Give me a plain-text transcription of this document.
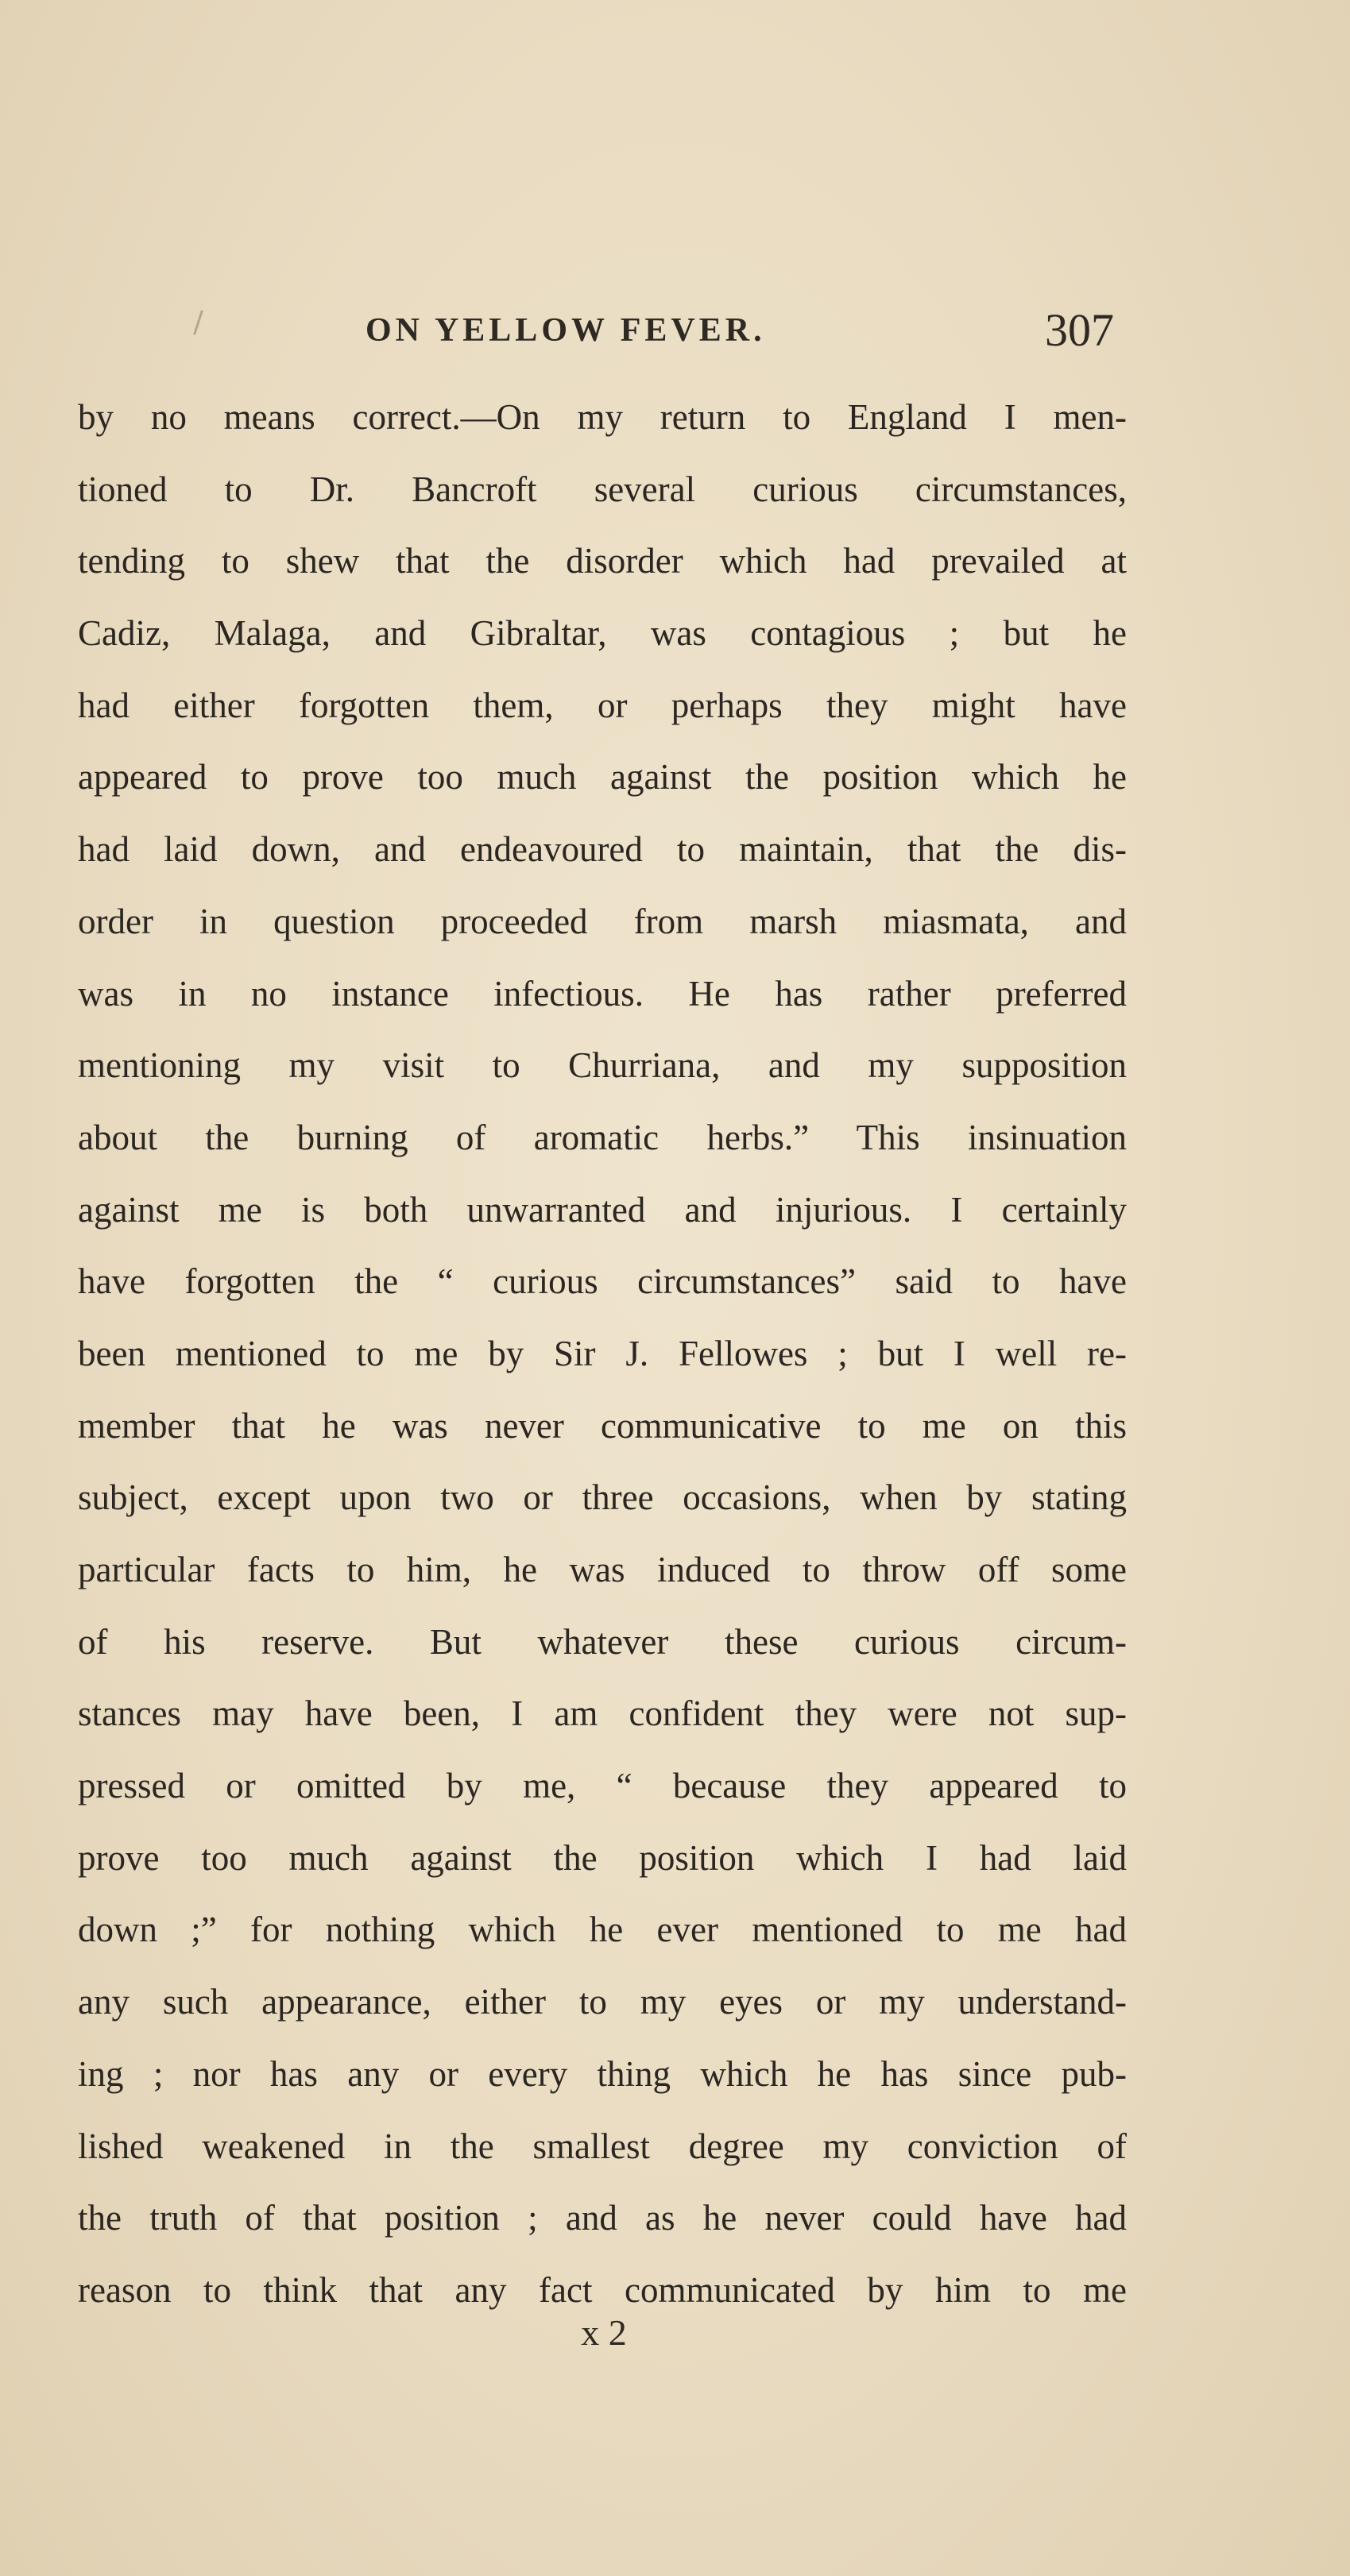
ON YELLOW FEVER.	307
by no means correct.—On my return to England I men-
tioned to Dr. Bancroft several curious circumstances,
tending to shew that the disorder which had prevailed at
Cadiz, Malaga, and Gibraltar, was contagious ; but he
had either forgotten them, or perhaps they might have
appeared to prove too much against the position which he
had laid down, and endeavoured to maintain, that the dis-
order in question proceeded from marsh miasmata, and
was in no instance infectious. He has rather preferred
mentioning my visit to Churriana, and my supposition
about the burning of aromatic herbs.” This insinuation
against me is both unwarranted and injurious. I certainly
have forgotten the “ curious circumstances” said to have
been mentioned to me by Sir J. Fellowes ; but I well re-
member that he was never communicative to me on this
subject, except upon two or three occasions, when by stating
particular facts to him, he was induced to throw off some
of his reserve. But whatever these curious circum-
stances may have been, I am confident they were not sup-
pressed or omitted by me, “ because they appeared to
prove too much against the position which I had laid
down ;” for nothing which he ever mentioned to me had
any such appearance, either to my eyes or my understand-
ing ; nor has any or every thing which he has since pub-
lished weakened in the smallest degree my conviction of
the truth of that position ; and as he never could have had
reason to think that any fact communicated by him to me
x 2
